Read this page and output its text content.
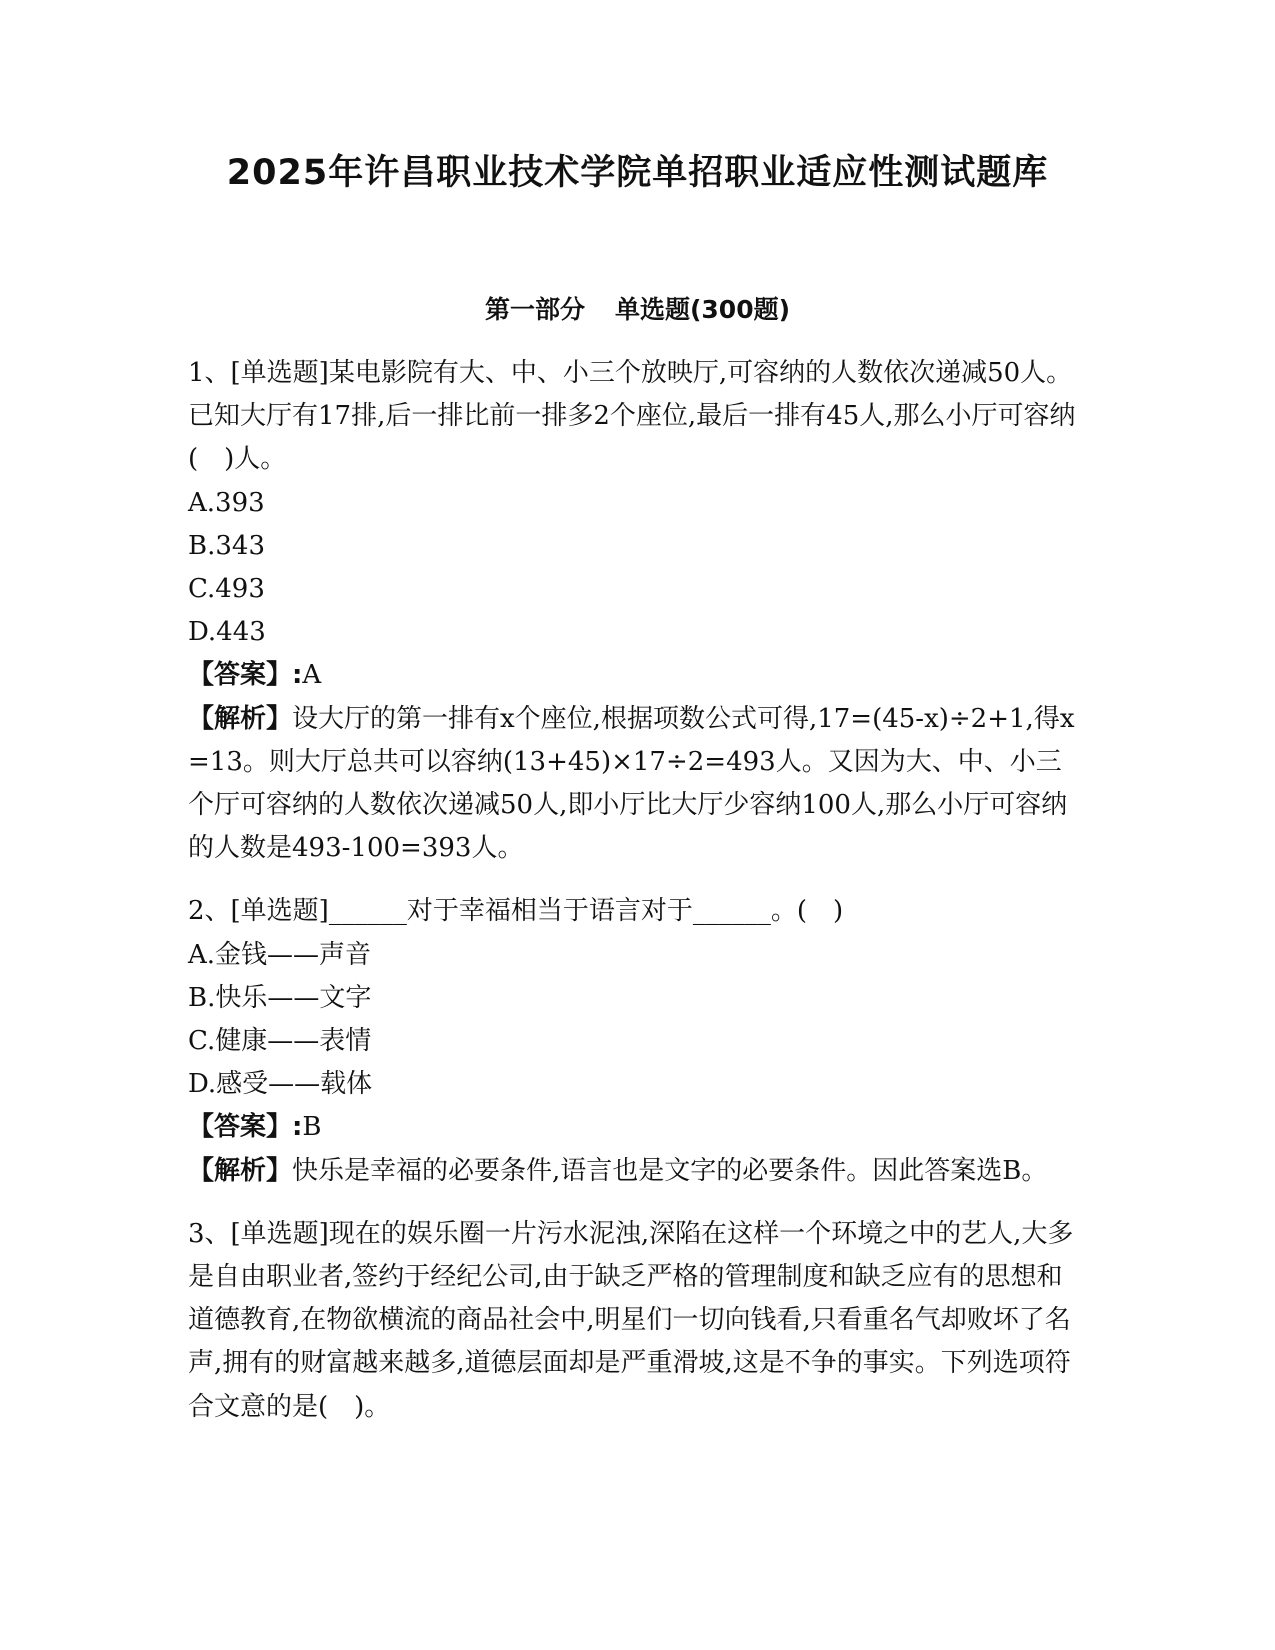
2025年许昌职业技术学院单招职业适应性测试题库
第一部分 单选题(300题)
1、[单选题]某电影院有大、中、小三个放映厅,可容纳的人数依次递减50人。已知大厅有17排,后一排比前一排多2个座位,最后一排有45人,那么小厅可容纳(　)人。
A.393
B.343
C.493
D.443
【答案】:A
【解析】设大厅的第一排有x个座位,根据项数公式可得,17=(45-x)÷2+1,得x=13。则大厅总共可以容纳(13+45)×17÷2=493人。又因为大、中、小三个厅可容纳的人数依次递减50人,即小厅比大厅少容纳100人,那么小厅可容纳的人数是493-100=393人。
2、[单选题]______对于幸福相当于语言对于______。(　)
A.金钱——声音
B.快乐——文字
C.健康——表情
D.感受——载体
【答案】:B
【解析】快乐是幸福的必要条件,语言也是文字的必要条件。因此答案选B。
3、[单选题]现在的娱乐圈一片污水泥浊,深陷在这样一个环境之中的艺人,大多是自由职业者,签约于经纪公司,由于缺乏严格的管理制度和缺乏应有的思想和道德教育,在物欲横流的商品社会中,明星们一切向钱看,只看重名气却败坏了名声,拥有的财富越来越多,道德层面却是严重滑坡,这是不争的事实。下列选项符合文意的是(　)。
